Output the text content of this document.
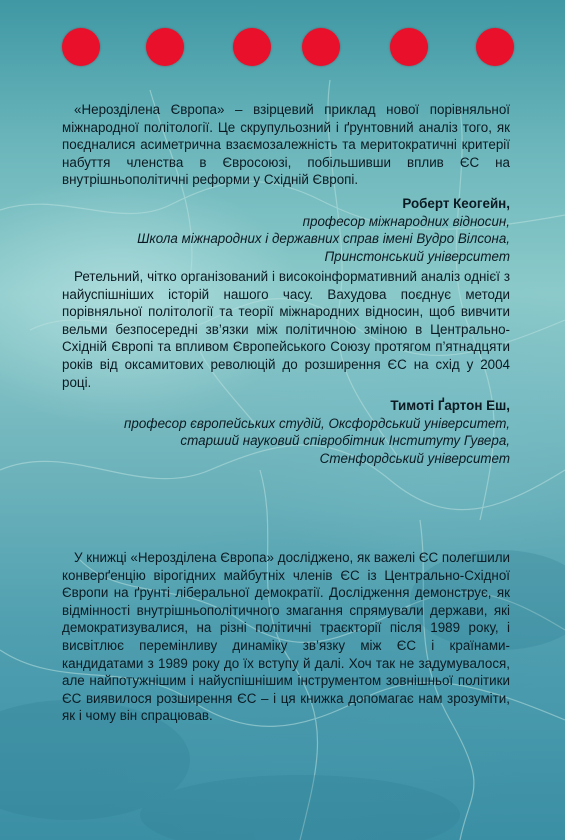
«Нерозділена Європа» – взірцевий приклад нової порівняльної міжнародної політології. Це скрупульозний і ґрунтовний аналіз того, як поєдналися асиметрична взаємозалежність та меритократичні критерії набуття членства в Євросоюзі, побільшивши вплив ЄС на внутрішньополітичні реформи у Східній Європі.

Роберт Кеогейн,
професор міжнародних відносин,
Школа міжнародних і державних справ імені Вудро Вілсона,
Принстонський університет

Ретельний, чітко організований і високоінформативний аналіз однієї з найуспішніших історій нашого часу. Вахудова поєднує методи порівняльної політології та теорії міжнародних відносин, щоб вивчити вельми безпосередні зв’язки між політичною зміною в Центрально-Східній Європі та впливом Європейського Союзу протягом п’ятнадцяти років від оксамитових революцій до розширення ЄС на схід у 2004 році.

Тимоті Ґартон Еш,
професор європейських студій, Оксфордський університет,
старший науковий співробітник Інституту Гувера,
Стенфордський університет

У книжці «Нерозділена Європа» досліджено, як важелі ЄС полегшили конверґенцію вірогідних майбутніх членів ЄС із Центрально-Східної Європи на ґрунті ліберальної демократії. Дослідження демонструє, як відмінності внутрішньополітичного змагання спрямували держави, які демократизувалися, на різні політичні траєкторії після 1989 року, і висвітлює перемінливу динаміку зв’язку між ЄС і країнами-кандидатами з 1989 року до їх вступу й далі. Хоч так не задумувалося, але найпотужнішим і найуспішнішим інструментом зовнішньої політики ЄС виявилося розширення ЄС – і ця книжка допомагає нам зрозуміти, як і чому він спрацював.
